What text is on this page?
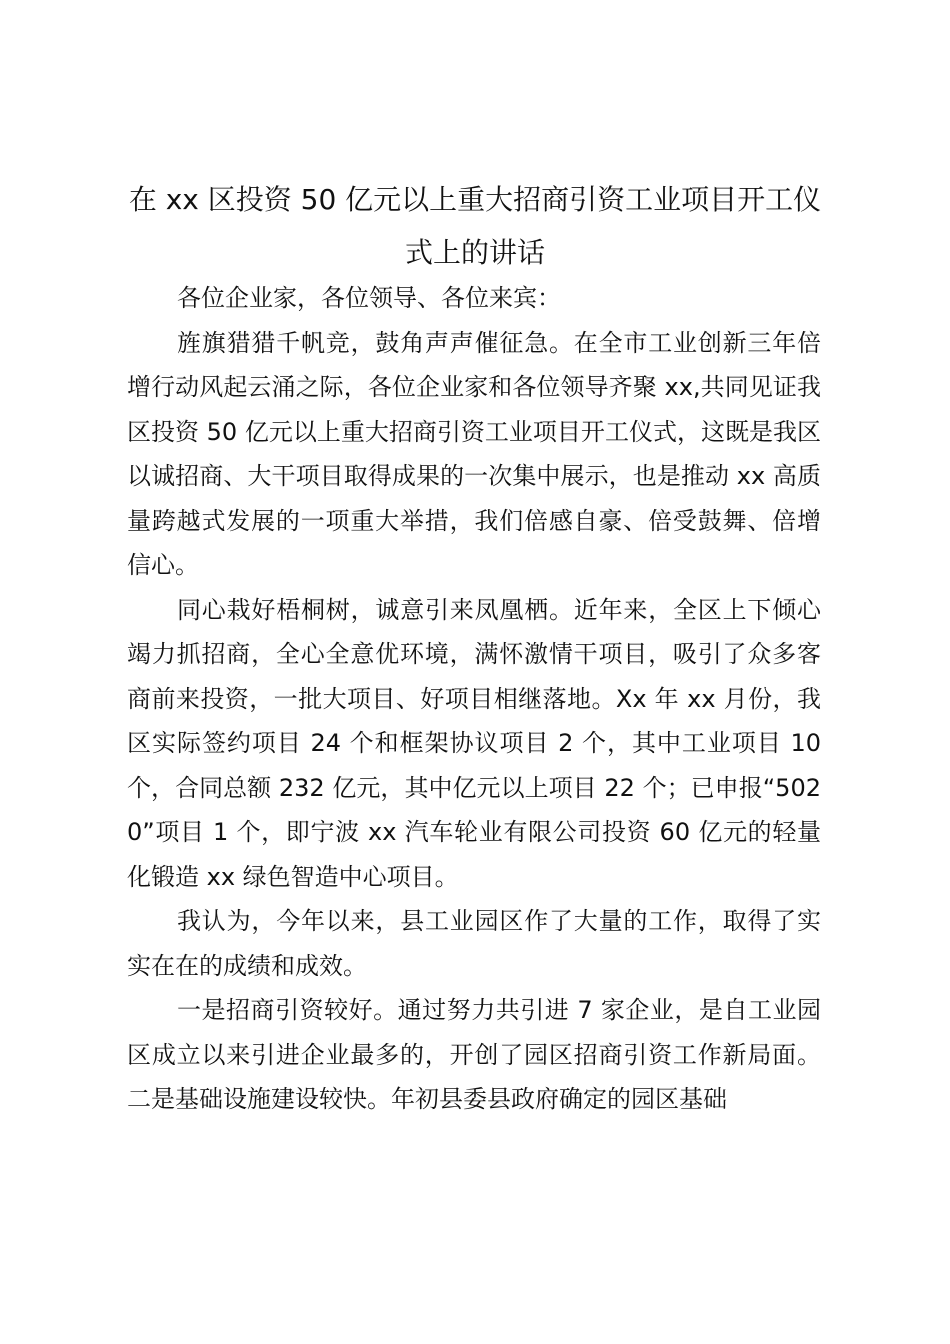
在 xx 区投资 50 亿元以上重大招商引资工业项目开工仪式上的讲话

各位企业家，各位领导、各位来宾：

旌旗猎猎千帆竞，鼓角声声催征急。在全市工业创新三年倍增行动风起云涌之际，各位企业家和各位领导齐聚 xx,共同见证我区投资 50 亿元以上重大招商引资工业项目开工仪式，这既是我区以诚招商、大干项目取得成果的一次集中展示，也是推动 xx 高质量跨越式发展的一项重大举措，我们倍感自豪、倍受鼓舞、倍增信心。

同心栽好梧桐树，诚意引来凤凰栖。近年来，全区上下倾心竭力抓招商，全心全意优环境，满怀激情干项目，吸引了众多客商前来投资，一批大项目、好项目相继落地。Xx 年 xx 月份，我区实际签约项目 24 个和框架协议项目 2 个，其中工业项目 10 个，合同总额 232 亿元，其中亿元以上项目 22 个；已申报“5020”项目 1 个，即宁波 xx 汽车轮业有限公司投资 60 亿元的轻量化锻造 xx 绿色智造中心项目。

我认为，今年以来，县工业园区作了大量的工作，取得了实实在在的成绩和成效。

一是招商引资较好。通过努力共引进 7 家企业，是自工业园区成立以来引进企业最多的，开创了园区招商引资工作新局面。二是基础设施建设较快。年初县委县政府确定的园区基础
